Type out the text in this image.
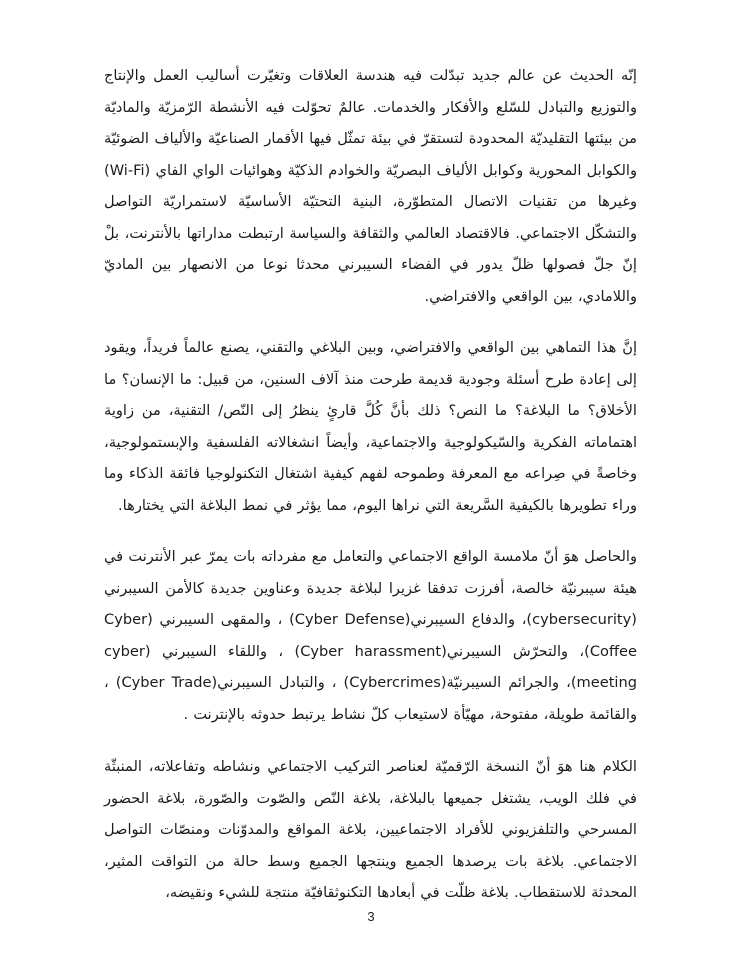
إنّه الحديث عن عالم جديد تبدّلت فيه هندسة العلاقات وتغيّرت أساليب العمل والإنتاج والتوزيع والتبادل للسّلع والأفكار والخدمات. عالمٌ تحوّلت فيه الأنشطة الرّمزيّة والماديّة من بيئتها التقليديّة المحدودة لتستقرّ في بيئة تمثّل فيها الأقمار الصناعيّة والألياف الضوئيّة والكوابل المحورية وكوابل الألياف البصريّة والخوادم الذكيّة وهوائيات الواي الفاي (Wi-Fi) وغيرها من تقنيات الاتصال المتطوّرة، البنية التحتيّة الأساسيّة لاستمراريّة التواصل والتشكّل الاجتماعي. فالاقتصاد العالمي والثقافة والسياسة ارتبطت مداراتها بالأنترنت، بلْ إنّ جلّ فصولها ظلّ يدور في الفضاء السيبرني محدثا نوعا من الانصهار بين الماديّ واللامادي، بين الواقعي والافتراضي.

إنَّ هذا التماهي بين الواقعي والافتراضي، وبين البلاغي والتقني، يصنع عالماً فريداً، ويقود إلى إعادة طرح أسئلة وجودية قديمة طرحت منذ آلاف السنين، من قبيل: ما الإنسان؟ ما الأخلاق؟ ما البلاغة؟ ما النص؟ ذلك بأنَّ كُلَّ قارئٍ ينظرُ إلى النّص/ التقنية، من زاوية اهتماماته الفكرية والسّيكولوجية والاجتماعية، وأيضاً انشغالاته الفلسفية والإبستمولوجية، وخاصةً في صِراعه مع المعرفة وطموحه لفهم كيفية اشتغال التكنولوجيا فائقة الذكاء وما وراء تطويرها بالكيفية السَّريعة التي نراها اليوم، مما يؤثر في نمط البلاغة التي يختارها.

والحاصل هوَ أنّ ملامسة الواقع الاجتماعي والتعامل مع مفرداته بات يمرّ عبر الأنترنت في هيئة سيبرنيّة خالصة، أفرزت تدفقا غزيرا لبلاغة جديدة وعناوين جديدة كالأمن السيبرني (cybersecurity)، والدفاع السيبرني(Cyber Defense) ، والمقهى السيبرني (Cyber Coffee)، والتحرّش السيبرني(Cyber harassment) ، واللقاء السيبرني (cyber meeting)، والجرائم السيبرنيّة(Cybercrimes) ، والتبادل السيبرني(Cyber Trade) ، والقائمة طويلة، مفتوحة، مهيّأة لاستيعاب كلّ نشاط يرتبط حدوثه بالإنترنت .

الكلام هنا هوَ أنّ النسخة الرّقميّة لعناصر التركيب الاجتماعي ونشاطه وتفاعلاته، المنبثّة في فلك الويب، يشتغل جميعها بالبلاغة، بلاغة النّص والصّوت والصّورة، بلاغة الحضور المسرحي والتلفزيوني للأفراد الاجتماعيين، بلاغة المواقع والمدوّنات ومنصّات التواصل الاجتماعي. بلاغة بات يرصدها الجميع وينتجها الجميع وسط حالة من التواقت المثير، المحدثة للاستقطاب. بلاغة ظلّت في أبعادها التكنوثقافيّة منتجة للشيء ونقيضه،

3
